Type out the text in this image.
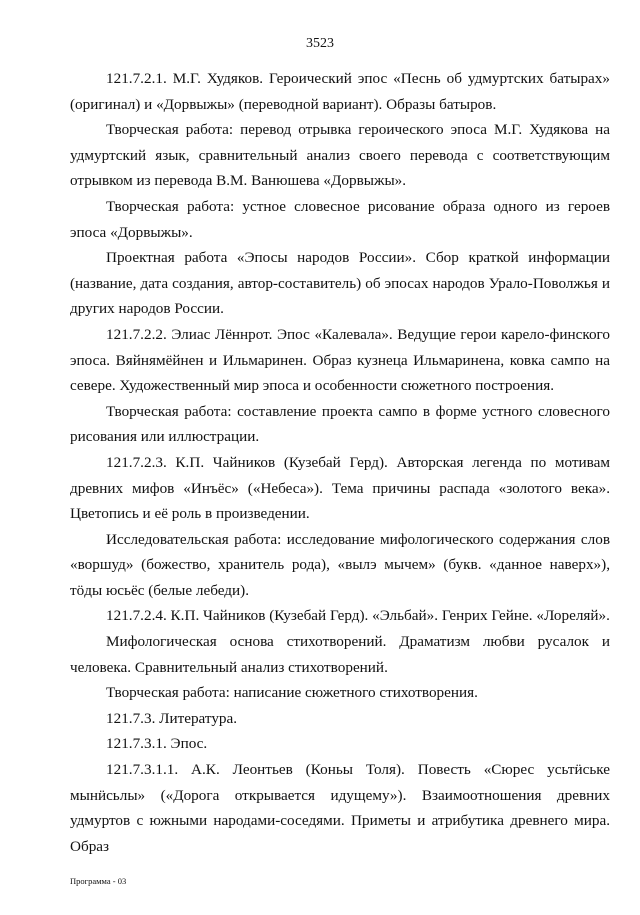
3523

121.7.2.1. М.Г. Худяков. Героический эпос «Песнь об удмуртских батырах» (оригинал) и «Дорвыжы» (переводной вариант). Образы батыров.

Творческая работа: перевод отрывка героического эпоса М.Г. Худякова на удмуртский язык, сравнительный анализ своего перевода с соответствующим отрывком из перевода В.М. Ванюшева «Дорвыжы».

Творческая работа: устное словесное рисование образа одного из героев эпоса «Дорвыжы».

Проектная работа «Эпосы народов России». Сбор краткой информации (название, дата создания, автор-составитель) об эпосах народов Урало-Поволжья и других народов России.

121.7.2.2. Элиас Лённрот. Эпос «Калевала». Ведущие герои карело-финского эпоса. Вяйнямёйнен и Ильмаринен. Образ кузнеца Ильмаринена, ковка сампо на севере. Художественный мир эпоса и особенности сюжетного построения.

Творческая работа: составление проекта сампо в форме устного словесного рисования или иллюстрации.

121.7.2.3. К.П. Чайников (Кузебай Герд). Авторская легенда по мотивам древних мифов «Инъёс» («Небеса»). Тема причины распада «золотого века». Цветопись и её роль в произведении.

Исследовательская работа: исследование мифологического содержания слов «воршуд» (божество, хранитель рода), «вылэ мычем» (букв. «данное наверх»), тӧды юсьёс (белые лебеди).

121.7.2.4. К.П. Чайников (Кузебай Герд). «Эльбай». Генрих Гейне. «Лореляй».

Мифологическая основа стихотворений. Драматизм любви русалок и человека. Сравнительный анализ стихотворений.

Творческая работа: написание сюжетного стихотворения.

121.7.3. Литература.

121.7.3.1. Эпос.

121.7.3.1.1. А.К. Леонтьев (Коньы Толя). Повесть «Сюрес усьтӥське мынӥсьлы» («Дорога открывается идущему»). Взаимоотношения древних удмуртов с южными народами-соседями. Приметы и атрибутика древнего мира. Образ

Программа - 03
